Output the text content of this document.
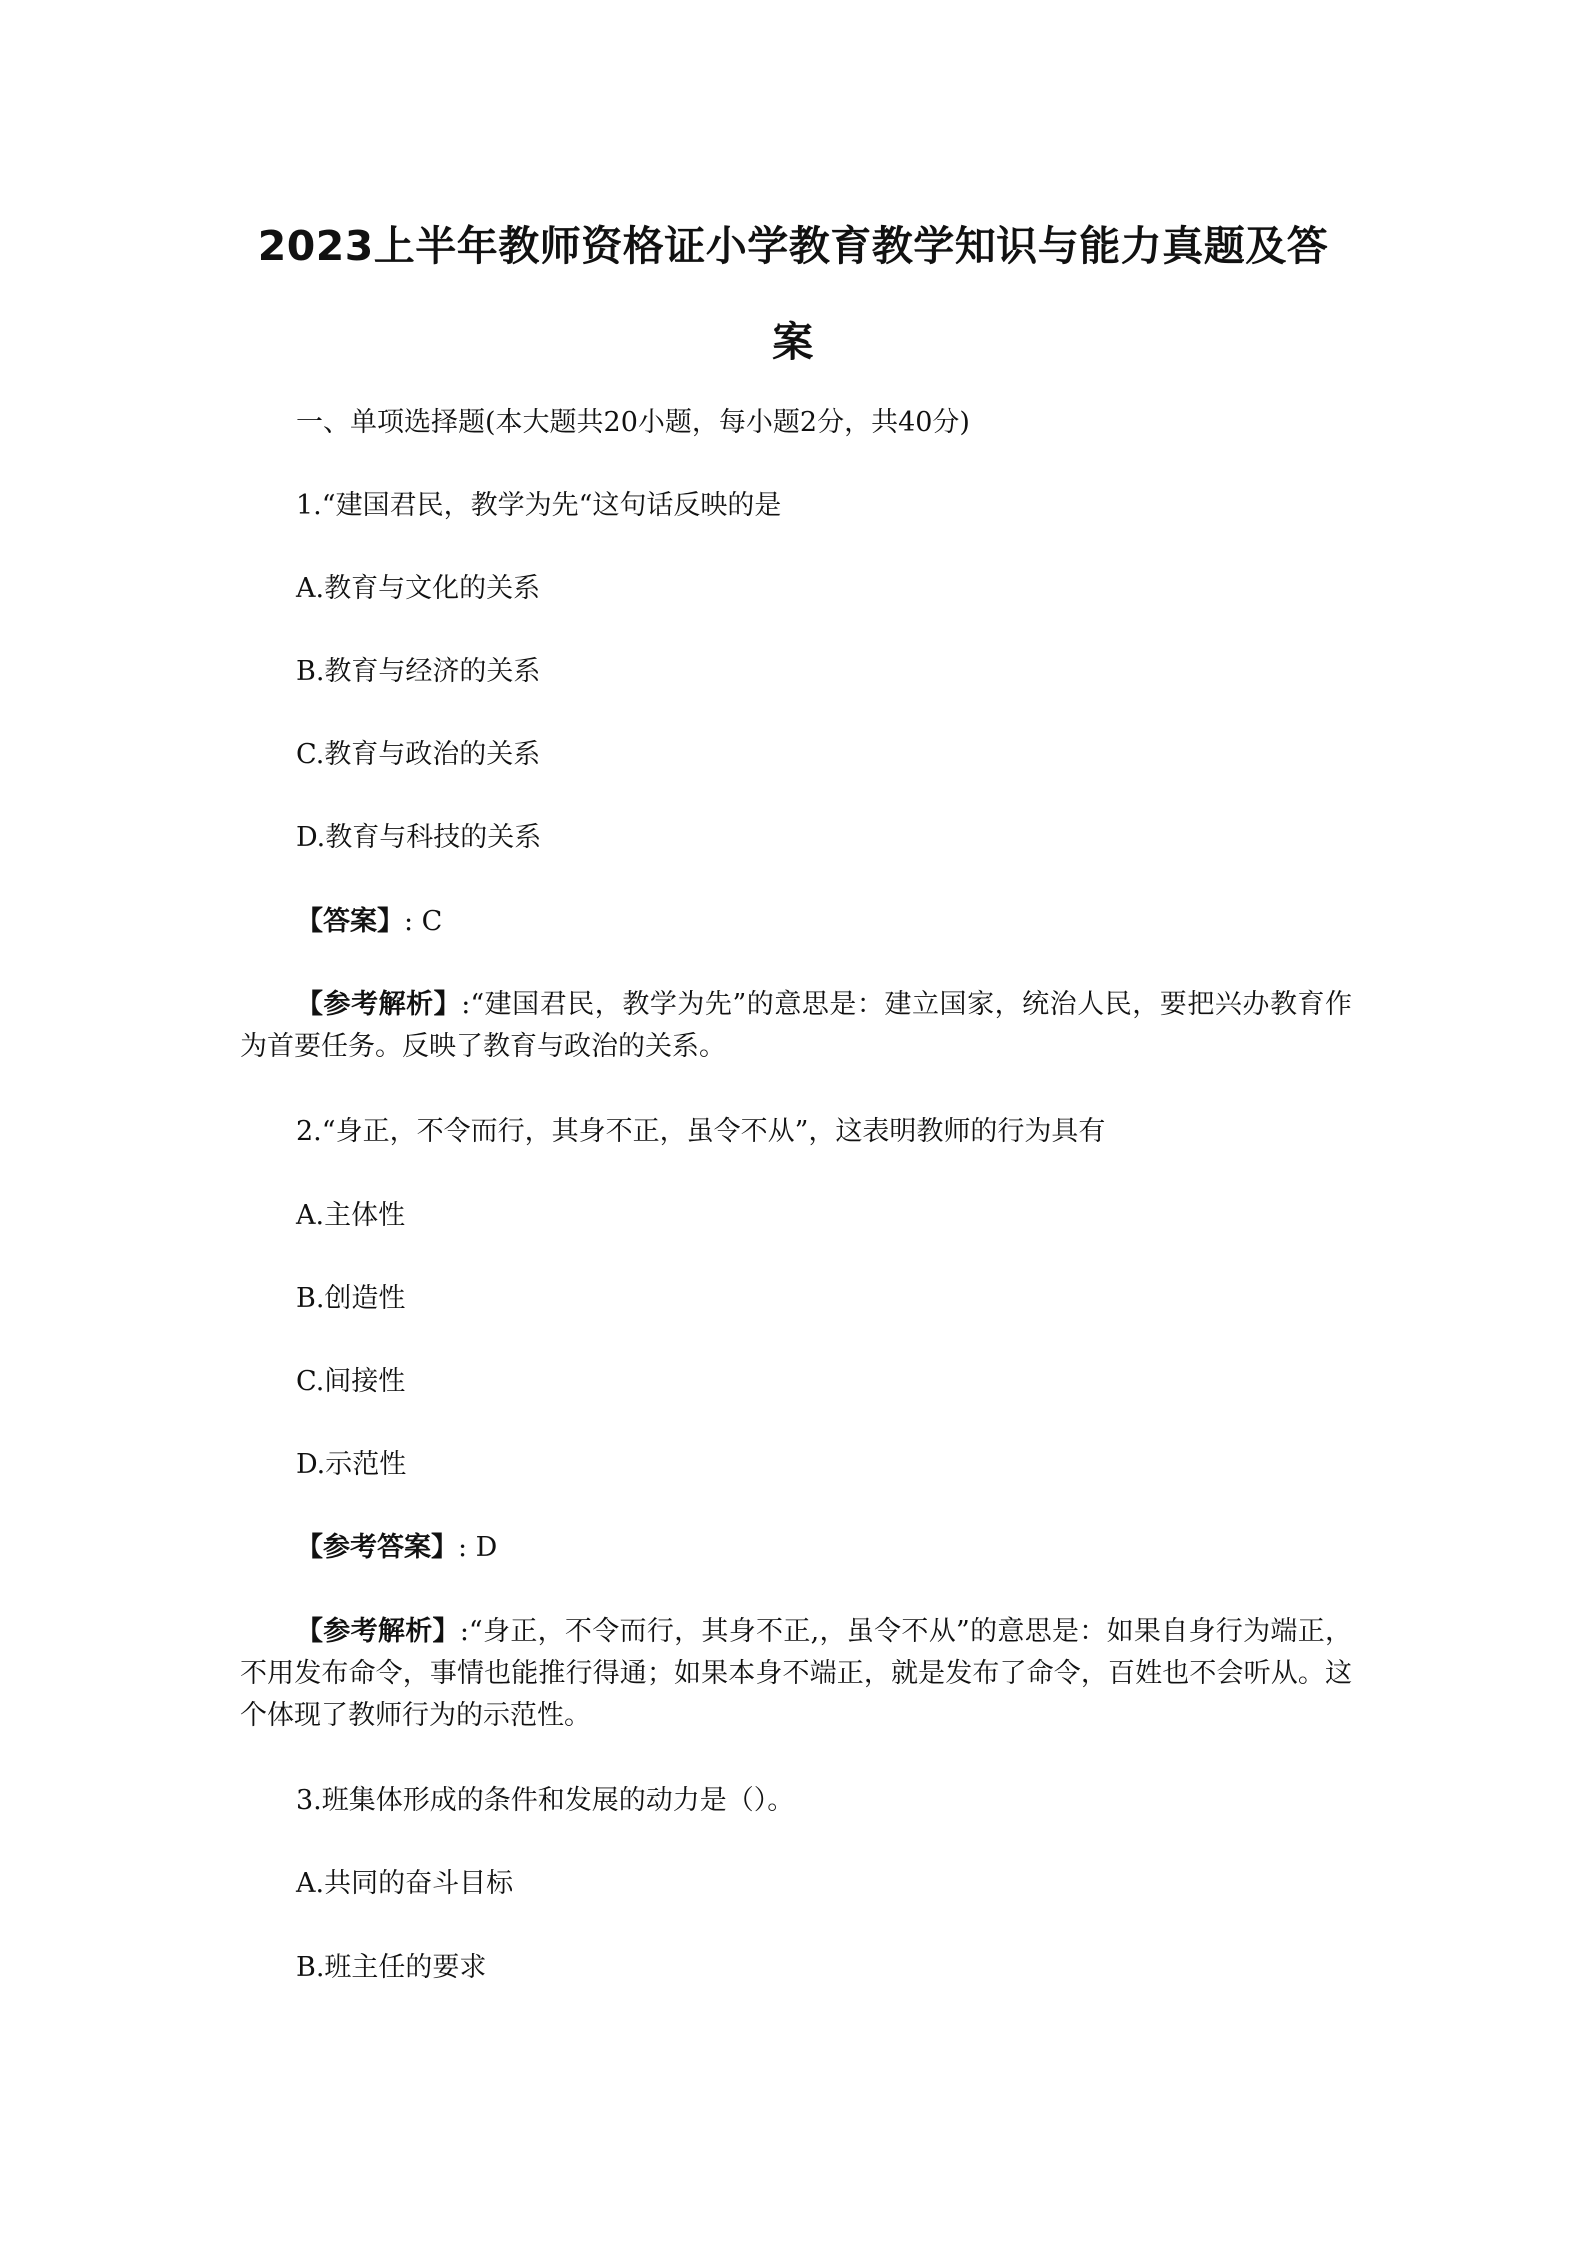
2023上半年教师资格证小学教育教学知识与能力真题及答案
一、单项选择题(本大题共20小题，每小题2分，共40分)
1.“建国君民，教学为先“这句话反映的是
A.教育与文化的关系
B.教育与经济的关系
C.教育与政治的关系
D.教育与科技的关系
【答案】: C
【参考解析】:“建国君民，教学为先”的意思是：建立国家，统治人民，要把兴办教育作为首要任务。反映了教育与政治的关系。
2.“身正，不令而行，其身不正，虽令不从”，这表明教师的行为具有
A.主体性
B.创造性
C.间接性
D.示范性
【参考答案】: D
【参考解析】:“身正，不令而行，其身不正,，虽令不从”的意思是：如果自身行为端正，不用发布命令，事情也能推行得通；如果本身不端正，就是发布了命令，百姓也不会听从。这个体现了教师行为的示范性。
3.班集体形成的条件和发展的动力是（）。
A.共同的奋斗目标
B.班主任的要求
